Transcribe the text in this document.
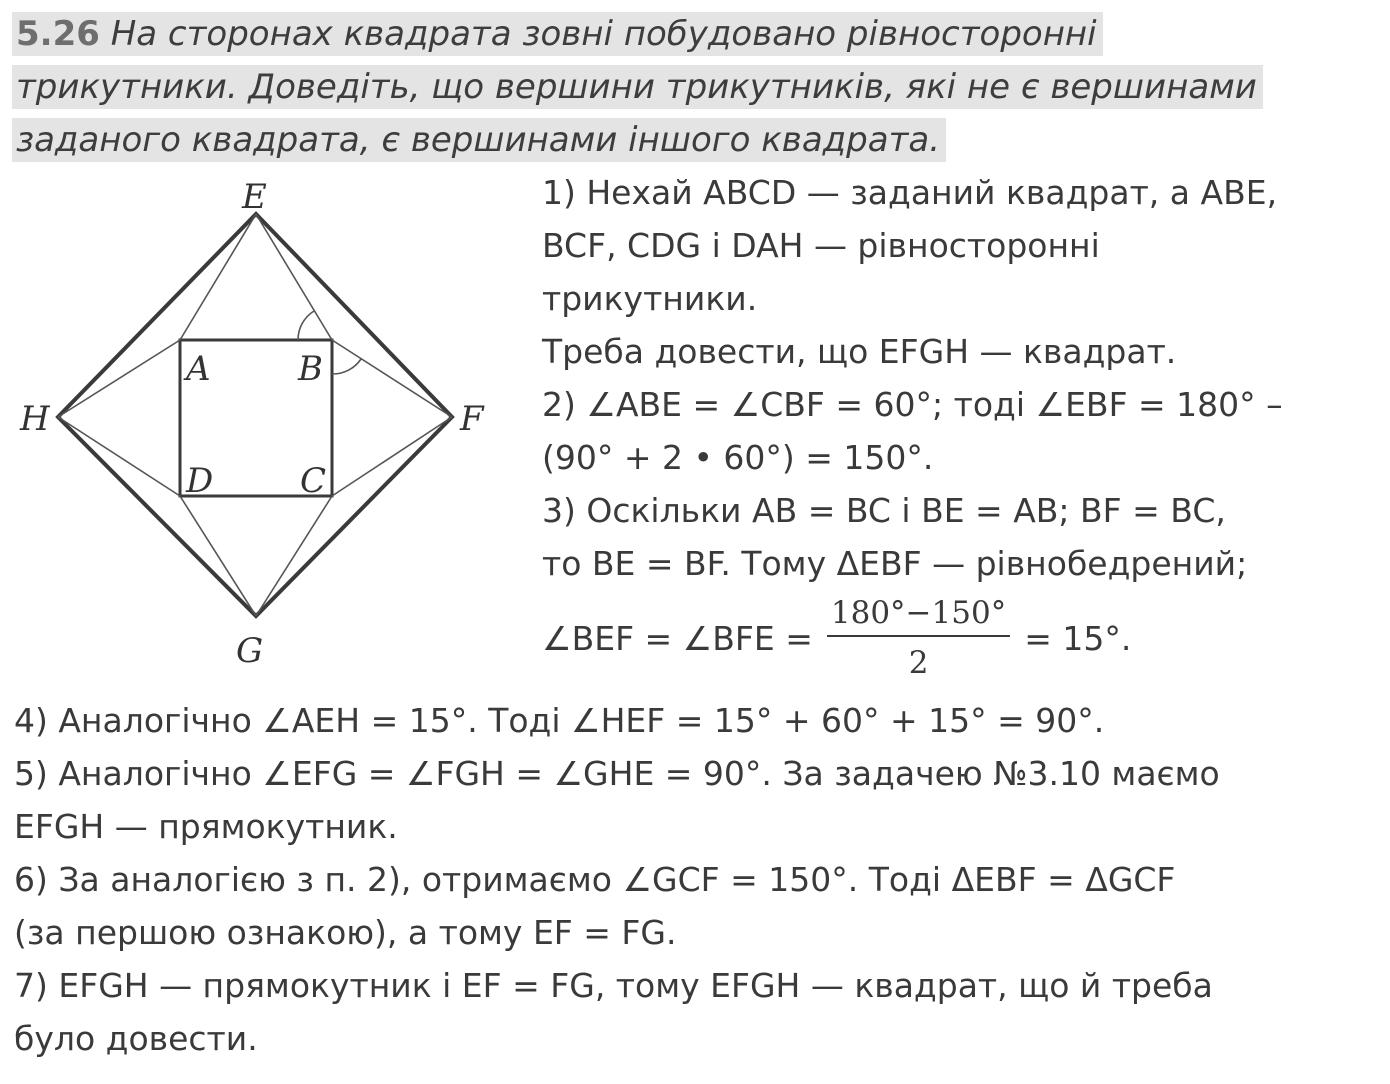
5.26 На сторонах квадрата зовні побудовано рівносторонні
трикутники. Доведіть, що вершини трикутників, які не є вершинами
заданого квадрата, є вершинами іншого квадрата.
E
F
G
H
A	B
C
D
1) Нехай ABCD — заданий квадрат, а ABE,
BCF, CDG і DAH — рівносторонні
трикутники.
Треба довести, що EFGH — квадрат.
2) ∠ABE = ∠CBF = 60°; тоді ∠EBF = 180° –
(90° + 2 • 60°) = 150°.
3) Оскільки AB = BC і BE = AB; BF = BC,
то BE = BF. Тому ΔEBF — рівнобедрений;
∠BEF = ∠BFE = $\frac{180^\circ-150^\circ}{2} = 15^\circ$.
4) Аналогічно ∠AEH = 15°. Тоді ∠HEF = 15° + 60° + 15° = 90°.
5) Аналогічно ∠EFG = ∠FGH = ∠GHE = 90°. За задачею №3.10 маємо
EFGH — прямокутник.
6) За аналогією з п. 2), отримаємо ∠GCF = 150°. Тоді ΔEBF = ΔGCF
(за першою ознакою), а тому EF = FG.
7) EFGH — прямокутник і EF = FG, тому EFGH — квадрат, що й треба
було довести.
